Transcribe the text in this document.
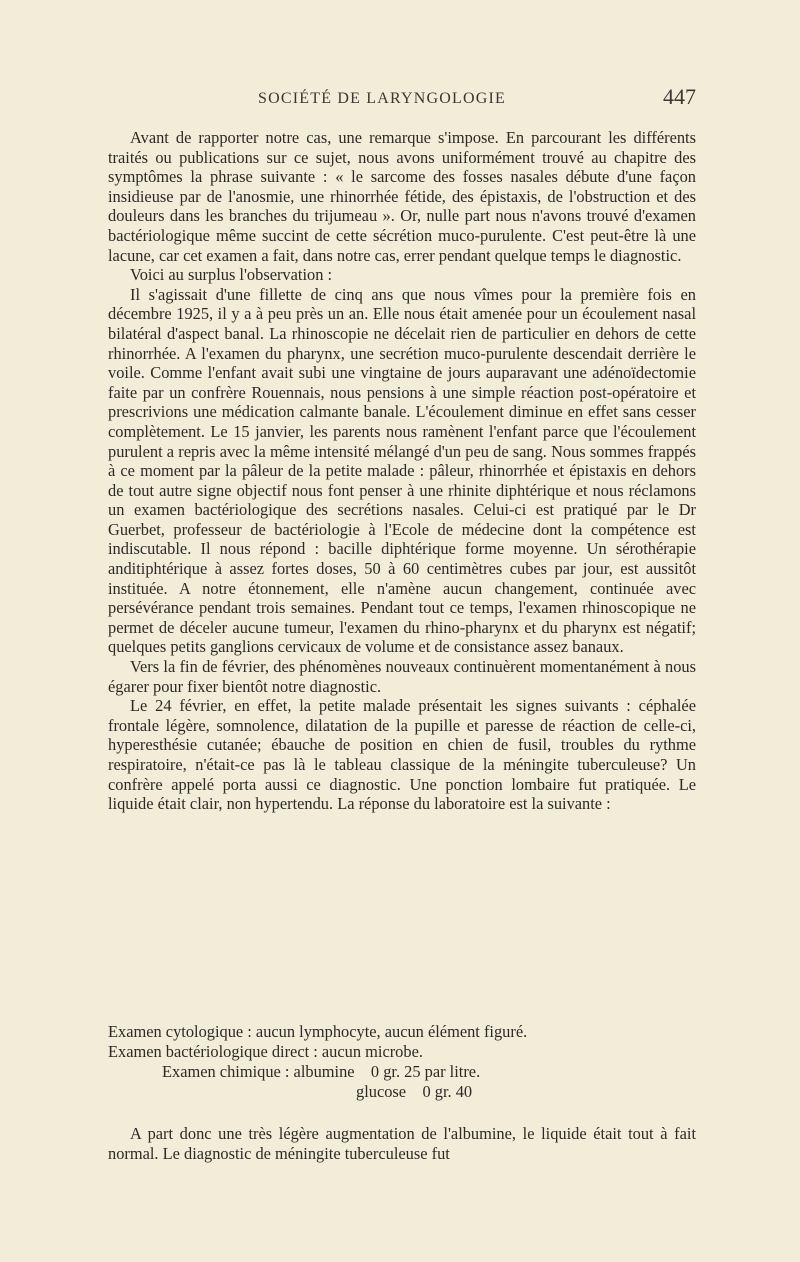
SOCIÉTÉ DE LARYNGOLOGIE	447

Avant de rapporter notre cas, une remarque s'impose. En parcourant les différents traités ou publications sur ce sujet, nous avons uniformément trouvé au chapitre des symptômes la phrase suivante : « le sarcome des fosses nasales débute d'une façon insidieuse par de l'anosmie, une rhinorrhée fétide, des épistaxis, de l'obstruction et des douleurs dans les branches du trijumeau ». Or, nulle part nous n'avons trouvé d'examen bactériologique même succint de cette sécrétion muco-purulente. C'est peut-être là une lacune, car cet examen a fait, dans notre cas, errer pendant quelque temps le diagnostic.

Voici au surplus l'observation :

Il s'agissait d'une fillette de cinq ans que nous vîmes pour la première fois en décembre 1925, il y a à peu près un an. Elle nous était amenée pour un écoulement nasal bilatéral d'aspect banal. La rhinoscopie ne décelait rien de particulier en dehors de cette rhinorrhée. A l'examen du pharynx, une secrétion muco-purulente descendait derrière le voile. Comme l'enfant avait subi une vingtaine de jours auparavant une adénoïdectomie faite par un confrère Rouennais, nous pensions à une simple réaction post-opératoire et prescrivions une médication calmante banale. L'écoulement diminue en effet sans cesser complètement. Le 15 janvier, les parents nous ramènent l'enfant parce que l'écoulement purulent a repris avec la même intensité mélangé d'un peu de sang. Nous sommes frappés à ce moment par la pâleur de la petite malade : pâleur, rhinorrhée et épistaxis en dehors de tout autre signe objectif nous font penser à une rhinite diphtérique et nous réclamons un examen bactériologique des secrétions nasales. Celui-ci est pratiqué par le Dr Guerbet, professeur de bactériologie à l'Ecole de médecine dont la compétence est indiscutable. Il nous répond : bacille diphtérique forme moyenne. Un sérothérapie anditiphtérique à assez fortes doses, 50 à 60 centimètres cubes par jour, est aussitôt instituée. A notre étonnement, elle n'amène aucun changement, continuée avec persévérance pendant trois semaines. Pendant tout ce temps, l'examen rhinoscopique ne permet de déceler aucune tumeur, l'examen du rhino-pharynx et du pharynx est négatif; quelques petits ganglions cervicaux de volume et de consistance assez banaux.

Vers la fin de février, des phénomènes nouveaux continuèrent momentanément à nous égarer pour fixer bientôt notre diagnostic.

Le 24 février, en effet, la petite malade présentait les signes suivants : céphalée frontale légère, somnolence, dilatation de la pupille et paresse de réaction de celle-ci, hyperesthésie cutanée; ébauche de position en chien de fusil, troubles du rythme respiratoire, n'était-ce pas là le tableau classique de la méningite tuberculeuse? Un confrère appelé porta aussi ce diagnostic. Une ponction lombaire fut pratiquée. Le liquide était clair, non hypertendu. La réponse du laboratoire est la suivante :

Examen cytologique : aucun lymphocyte, aucun élément figuré.
Examen bactériologique direct : aucun microbe.
Examen chimique : albumine    0 gr. 25 par litre.
glucose    0 gr. 40

A part donc une très légère augmentation de l'albumine, le liquide était tout à fait normal. Le diagnostic de méningite tuberculeuse fut
